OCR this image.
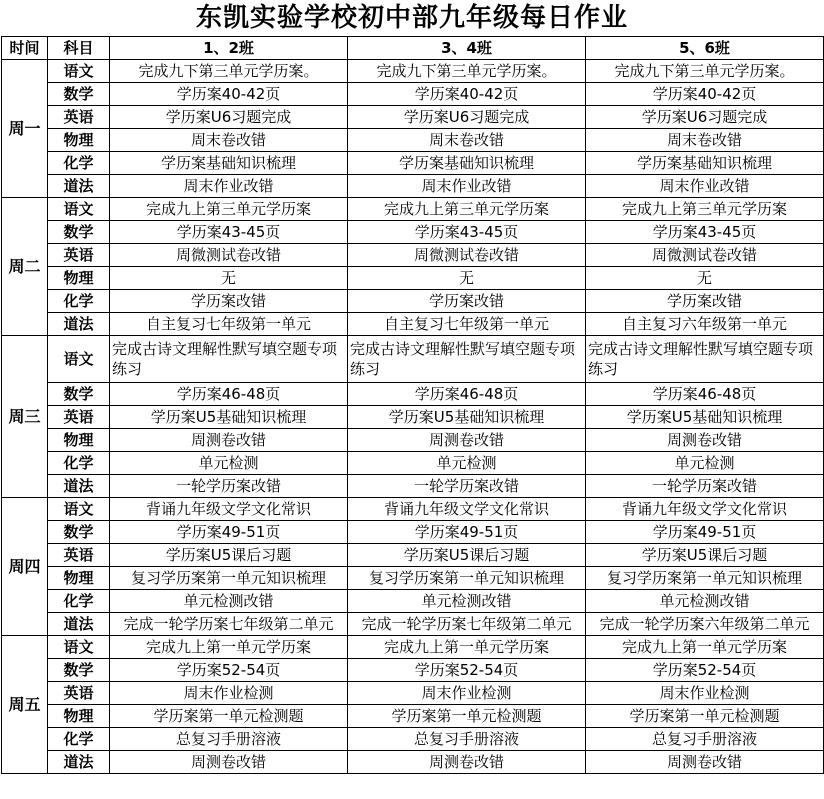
东凯实验学校初中部九年级每日作业
时间	科目	1、2班	3、4班	5、6班
周一	语文	完成九下第三单元学历案。	完成九下第三单元学历案。	完成九下第三单元学历案。
	数学	学历案40-42页	学历案40-42页	学历案40-42页
	英语	学历案U6习题完成	学历案U6习题完成	学历案U6习题完成
	物理	周末卷改错	周末卷改错	周末卷改错
	化学	学历案基础知识梳理	学历案基础知识梳理	学历案基础知识梳理
	道法	周末作业改错	周末作业改错	周末作业改错
周二	语文	完成九上第三单元学历案	完成九上第三单元学历案	完成九上第三单元学历案
	数学	学历案43-45页	学历案43-45页	学历案43-45页
	英语	周微测试卷改错	周微测试卷改错	周微测试卷改错
	物理	无	无	无
	化学	学历案改错	学历案改错	学历案改错
	道法	自主复习七年级第一单元	自主复习七年级第一单元	自主复习六年级第一单元
周三	语文	完成古诗文理解性默写填空题专项练习	完成古诗文理解性默写填空题专项练习	完成古诗文理解性默写填空题专项练习
	数学	学历案46-48页	学历案46-48页	学历案46-48页
	英语	学历案U5基础知识梳理	学历案U5基础知识梳理	学历案U5基础知识梳理
	物理	周测卷改错	周测卷改错	周测卷改错
	化学	单元检测	单元检测	单元检测
	道法	一轮学历案改错	一轮学历案改错	一轮学历案改错
周四	语文	背诵九年级文学文化常识	背诵九年级文学文化常识	背诵九年级文学文化常识
	数学	学历案49-51页	学历案49-51页	学历案49-51页
	英语	学历案U5课后习题	学历案U5课后习题	学历案U5课后习题
	物理	复习学历案第一单元知识梳理	复习学历案第一单元知识梳理	复习学历案第一单元知识梳理
	化学	单元检测改错	单元检测改错	单元检测改错
	道法	完成一轮学历案七年级第二单元	完成一轮学历案七年级第二单元	完成一轮学历案六年级第二单元
周五	语文	完成九上第一单元学历案	完成九上第一单元学历案	完成九上第一单元学历案
	数学	学历案52-54页	学历案52-54页	学历案52-54页
	英语	周末作业检测	周末作业检测	周末作业检测
	物理	学历案第一单元检测题	学历案第一单元检测题	学历案第一单元检测题
	化学	总复习手册溶液	总复习手册溶液	总复习手册溶液
	道法	周测卷改错	周测卷改错	周测卷改错
